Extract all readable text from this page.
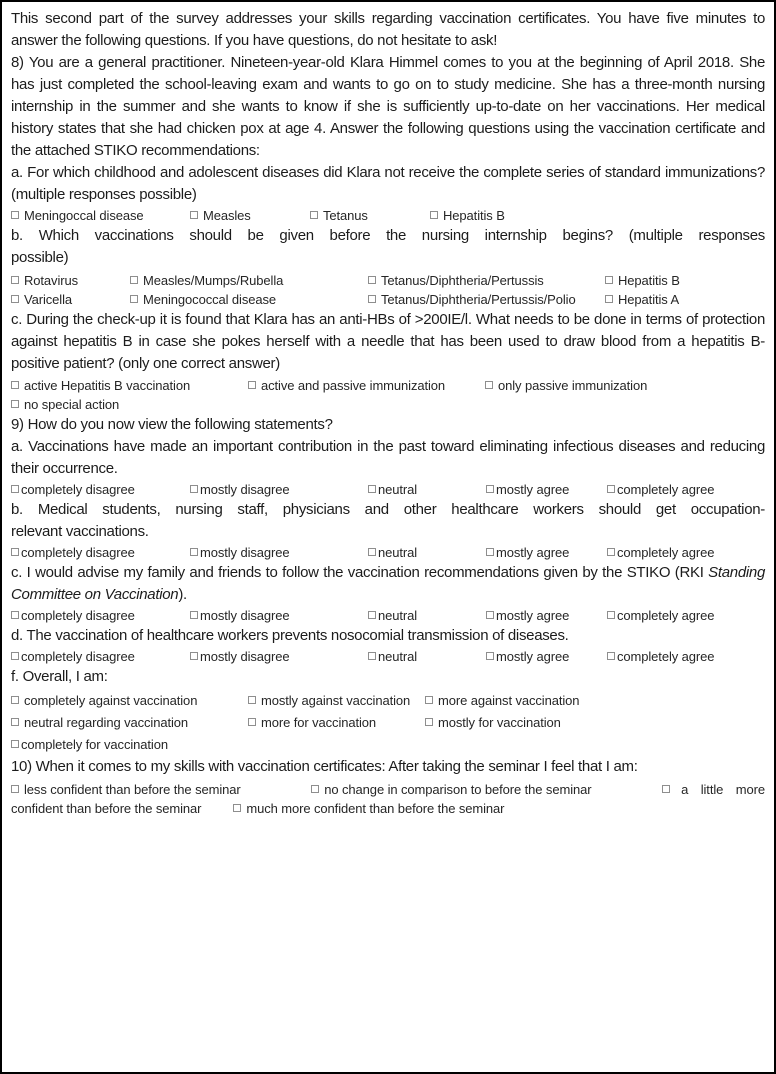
This second part of the survey addresses your skills regarding vaccination certificates. You have five minutes to answer the following questions. If you have questions, do not hesitate to ask!

8) You are a general practitioner. Nineteen-year-old Klara Himmel comes to you at the beginning of April 2018. She has just completed the school-leaving exam and wants to go on to study medicine. She has a three-month nursing internship in the summer and she wants to know if she is sufficiently up-to-date on her vaccinations. Her medical history states that she had chicken pox at age 4. Answer the following questions using the vaccination certificate and the attached STIKO recommendations:

a. For which childhood and adolescent diseases did Klara not receive the complete series of standard immunizations? (multiple responses possible)

Meningoccal disease	Measles	Tetanus	Hepatitis B

b. Which vaccinations should be given before the nursing internship begins? (multiple responses
possible)

Rotavirus	Measles/Mumps/Rubella	Tetanus/Diphtheria/Pertussis	Hepatitis B
Varicella	Meningococcal disease	Tetanus/Diphtheria/Pertussis/Polio	Hepatitis A

c. During the check-up it is found that Klara has an anti-HBs of >200IE/l. What needs to be done in terms of protection against hepatitis B in case she pokes herself with a needle that has been used to draw blood from a hepatitis B-positive patient? (only one correct answer)

active Hepatitis B vaccination	active and passive immunization	only passive immunization
no special action

9) How do you now view the following statements?

a. Vaccinations have made an important contribution in the past toward eliminating infectious diseases and reducing their occurrence.

completely disagree	mostly disagree	neutral	mostly agree	completely agree

b. Medical students, nursing staff, physicians and other healthcare workers should get occupation-
relevant vaccinations.

completely disagree	mostly disagree	neutral	mostly agree	completely agree

c. I would advise my family and friends to follow the vaccination recommendations given by the STIKO (RKI Standing Committee on Vaccination).

completely disagree	mostly disagree	neutral	mostly agree	completely agree

d. The vaccination of healthcare workers prevents nosocomial transmission of diseases.

completely disagree	mostly disagree	neutral	mostly agree	completely agree

f. Overall, I am:

completely against vaccination	mostly against vaccination	more against vaccination
neutral regarding vaccination	more for vaccination	mostly for vaccination
completely for vaccination

10) When it comes to my skills with vaccination certificates: After taking the seminar I feel that I am:

less confident than before the seminar	no change in comparison to before the seminar	a little more
confident than before the seminar	much more confident than before the seminar
